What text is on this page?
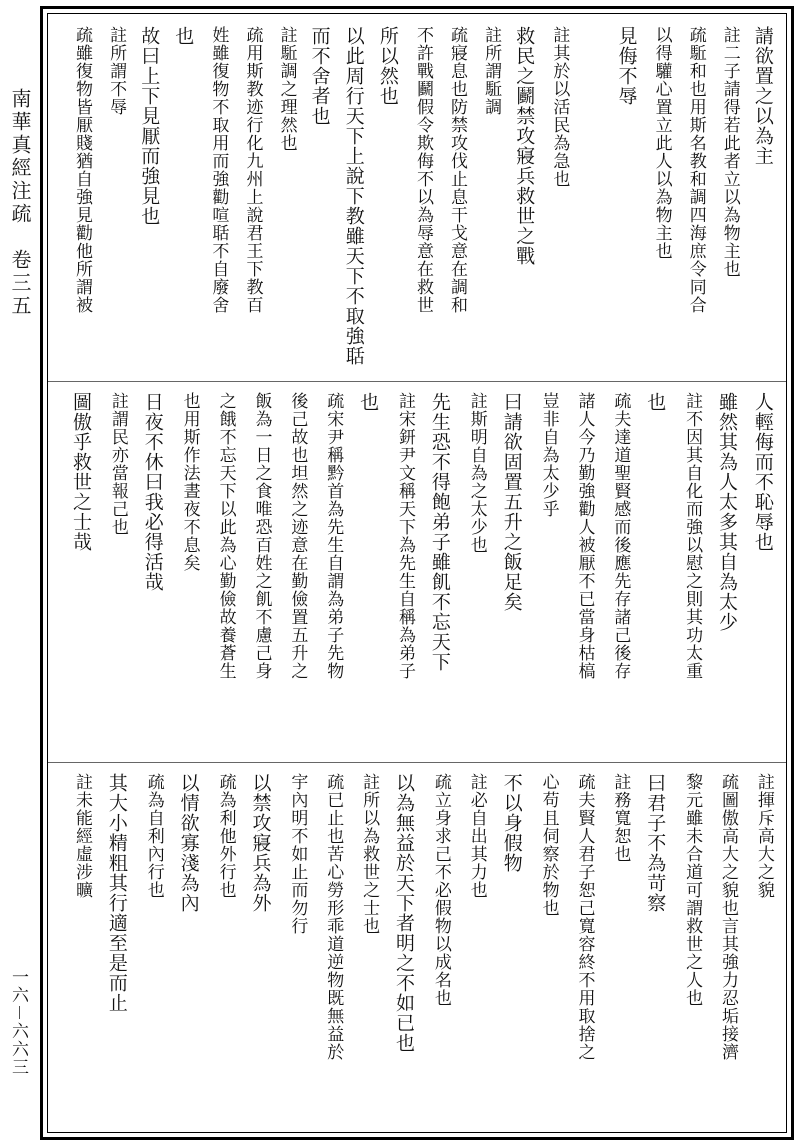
南華真經注疏　卷三五
一六－六六三
請欲置之以為主
註二子請得若此者立以為物主也
疏駈和也用斯名教和調四海庶令同合
以得驩心置立此人以為物主也
見侮不辱
註其於以活民為急也
救民之鬬禁攻寢兵救世之戰
註所謂駈調
疏寢息也防禁攻伐止息干戈意在調和
不許戰鬬假令欺侮不以為辱意在救世
所以然也
以此周行天下上說下教雖天下不取強聒
而不舍者也
註駈調之理然也
疏用斯教迹行化九州上說君王下教百
姓雖復物不取用而強勸喧聒不自廢舍
也
故曰上下見厭而強見也
註所謂不辱
疏雖復物皆厭賤猶自強見勸他所謂被
人輕侮而不恥辱也
雖然其為人太多其自為太少
註不因其自化而強以慰之則其功太重
也
疏夫達道聖賢感而後應先存諸己後存
諸人今乃勤強勸人被厭不已當身枯槁
豈非自為太少乎
曰請欲固置五升之飯足矣
註斯明自為之太少也
先生恐不得飽弟子雖飢不忘天下
註宋鈃尹文稱天下為先生自稱為弟子
也
疏宋尹稱黔首為先生自謂為弟子先物
後己故也坦然之迹意在勤儉置五升之
飯為一日之食唯恐百姓之飢不慮己身
之餓不忘天下以此為心勤儉故養蒼生
也用斯作法晝夜不息矣
日夜不休曰我必得活哉
註謂民亦當報己也
圖傲乎救世之士哉
註揮斥高大之貌
疏圖傲高大之貌也言其強力忍垢接濟
黎元雖未合道可謂救世之人也
曰君子不為苛察
註務寬恕也
疏夫賢人君子恕己寬容終不用取捨之
心苟且伺察於物也
不以身假物
註必自出其力也
疏立身求己不必假物以成名也
以為無益於天下者明之不如已也
註所以為救世之士也
疏已止也苦心勞形乖道逆物既無益於
宇內明不如止而勿行
以禁攻寢兵為外
疏為利他外行也
以情欲寡淺為內
疏為自利內行也
其大小精粗其行適至是而止
註未能經虛涉曠
